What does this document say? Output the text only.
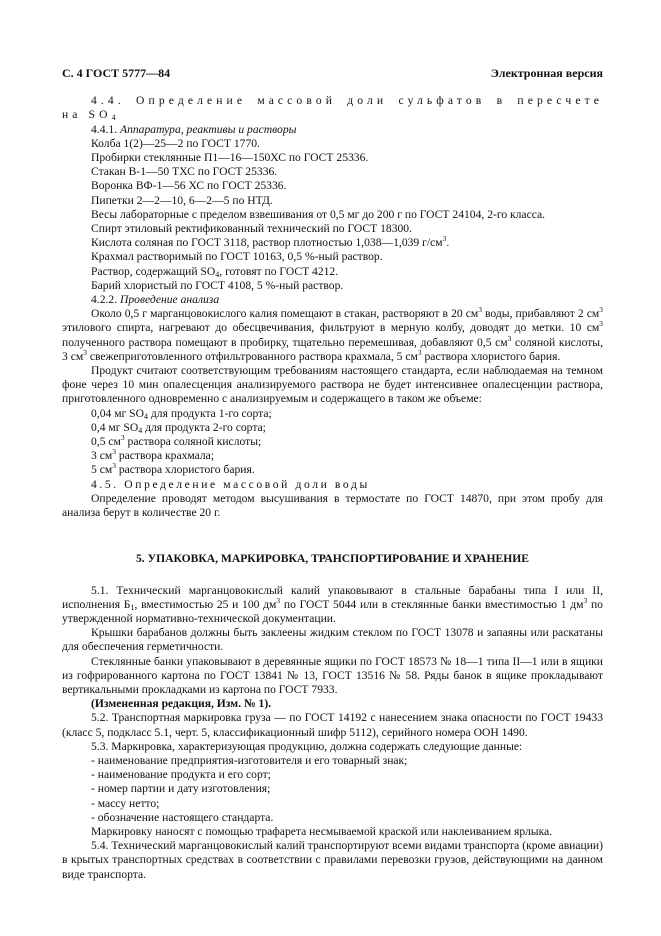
С. 4 ГОСТ 5777—84	Электронная версия

4.4. Определение массовой доли сульфатов в пересчете на $SO_4$

4.4.1. Аппаратура, реактивы и растворы

Колба 1(2)—25—2 по ГОСТ 1770.

Пробирки стеклянные П1—16—150ХС по ГОСТ 25336.

Стакан В-1—50 ТХС по ГОСТ 25336.

Воронка ВФ-1—56 ХС по ГОСТ 25336.

Пипетки 2—2—10, 6—2—5 по НТД.

Весы лабораторные с пределом взвешивания от 0,5 мг до 200 г по ГОСТ 24104, 2-го класса.

Спирт этиловый ректификованный технический по ГОСТ 18300.

Кислота соляная по ГОСТ 3118, раствор плотностью 1,038—1,039 $г/см^3$.

Крахмал растворимый по ГОСТ 10163, 0,5 %-ный раствор.

Раствор, содержащий $SO_4$, готовят по ГОСТ 4212.

Барий хлористый по ГОСТ 4108, 5 %-ный раствор.

4.2.2. Проведение анализа

Около 0,5 г марганцовокислого калия помещают в стакан, растворяют в 20 $см^3$ воды, прибавляют 2 $см^3$ этилового спирта, нагревают до обесцвечивания, фильтруют в мерную колбу, доводят до метки. 10 $см^3$ полученного раствора помещают в пробирку, тщательно перемешивая, добавляют 0,5 $см^3$ соляной кислоты, 3 $см^3$ свежеприготовленного отфильтрованного раствора крахмала, 5 $см^3$ раствора хлористого бария.

Продукт считают соответствующим требованиям настоящего стандарта, если наблюдаемая на темном фоне через 10 мин опалесценция анализируемого раствора не будет интенсивнее опалесценции раствора, приготовленного одновременно с анализируемым и содержащего в таком же объеме:

0,04 мг $SO_4$ для продукта 1-го сорта;

0,4 мг $SO_4$ для продукта 2-го сорта;

0,5 $см^3$ раствора соляной кислоты;

3 $см^3$ раствора крахмала;

5 $см^3$ раствора хлористого бария.

4.5. Определение массовой доли воды

Определение проводят методом высушивания в термостате по ГОСТ 14870, при этом пробу для анализа берут в количестве 20 г.

5. УПАКОВКА, МАРКИРОВКА, ТРАНСПОРТИРОВАНИЕ И ХРАНЕНИЕ

5.1. Технический марганцовокислый калий упаковывают в стальные барабаны типа I или II, исполнения $Б_1$, вместимостью 25 и 100 $дм^3$ по ГОСТ 5044 или в стеклянные банки вместимостью 1 $дм^3$ по утвержденной нормативно-технической документации.

Крышки барабанов должны быть заклеены жидким стеклом по ГОСТ 13078 и запаяны или раскатаны для обеспечения герметичности.

Стеклянные банки упаковывают в деревянные ящики по ГОСТ 18573 № 18—1 типа II—1 или в ящики из гофрированного картона по ГОСТ 13841 № 13, ГОСТ 13516 № 58. Ряды банок в ящике прокладывают вертикальными прокладками из картона по ГОСТ 7933.

(Измененная редакция, Изм. № 1).

5.2. Транспортная маркировка груза — по ГОСТ 14192 с нанесением знака опасности по ГОСТ 19433 (класс 5, подкласс 5.1, черт. 5, классификационный шифр 5112), серийного номера ООН 1490.

5.3. Маркировка, характеризующая продукцию, должна содержать следующие данные:

- наименование предприятия-изготовителя и его товарный знак;

- наименование продукта и его сорт;

- номер партии и дату изготовления;

- массу нетто;

- обозначение настоящего стандарта.

Маркировку наносят с помощью трафарета несмываемой краской или наклеиванием ярлыка.

5.4. Технический марганцовокислый калий транспортируют всеми видами транспорта (кроме авиации) в крытых транспортных средствах в соответствии с правилами перевозки грузов, действующими на данном виде транспорта.
